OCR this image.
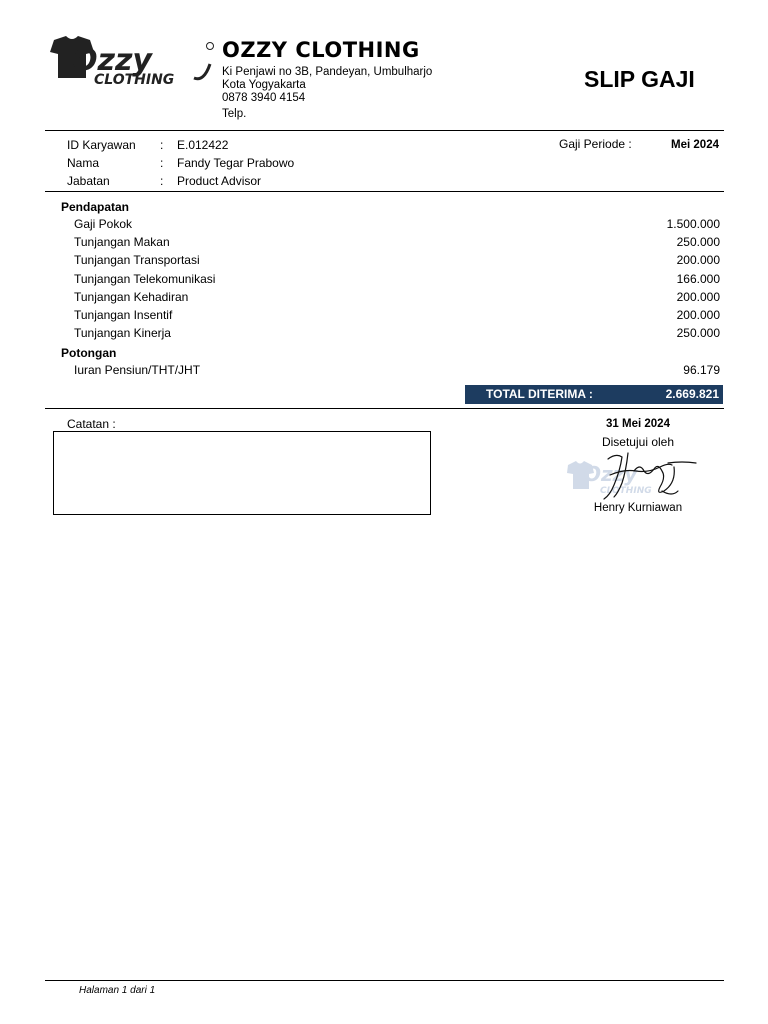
Ozzy
CLOTHING
OZZY CLOTHING
Ki Penjawi no 3B, Pandeyan, Umbulharjo
Kota Yogyakarta
0878 3940 4154
Telp.
SLIP GAJI
ID Karyawan : E.012422
Nama	: Fandy Tegar Prabowo
Jabatan	: Product Advisor
Gaji Periode :	Mei 2024
Pendapatan
Gaji Pokok	1.500.000
Tunjangan Makan	250.000
Tunjangan Transportasi	200.000
Tunjangan Telekomunikasi	166.000
Tunjangan Kehadiran	200.000
Tunjangan Insentif	200.000
Tunjangan Kinerja	250.000
Potongan
Iuran Pensiun/THT/JHT	96.179
TOTAL DITERIMA :	2.669.821
Catatan :	31 Mei 2024
Disetujui oleh
Ozzy
CLOTHING
Henry Kurniawan
Halaman 1 dari 1
